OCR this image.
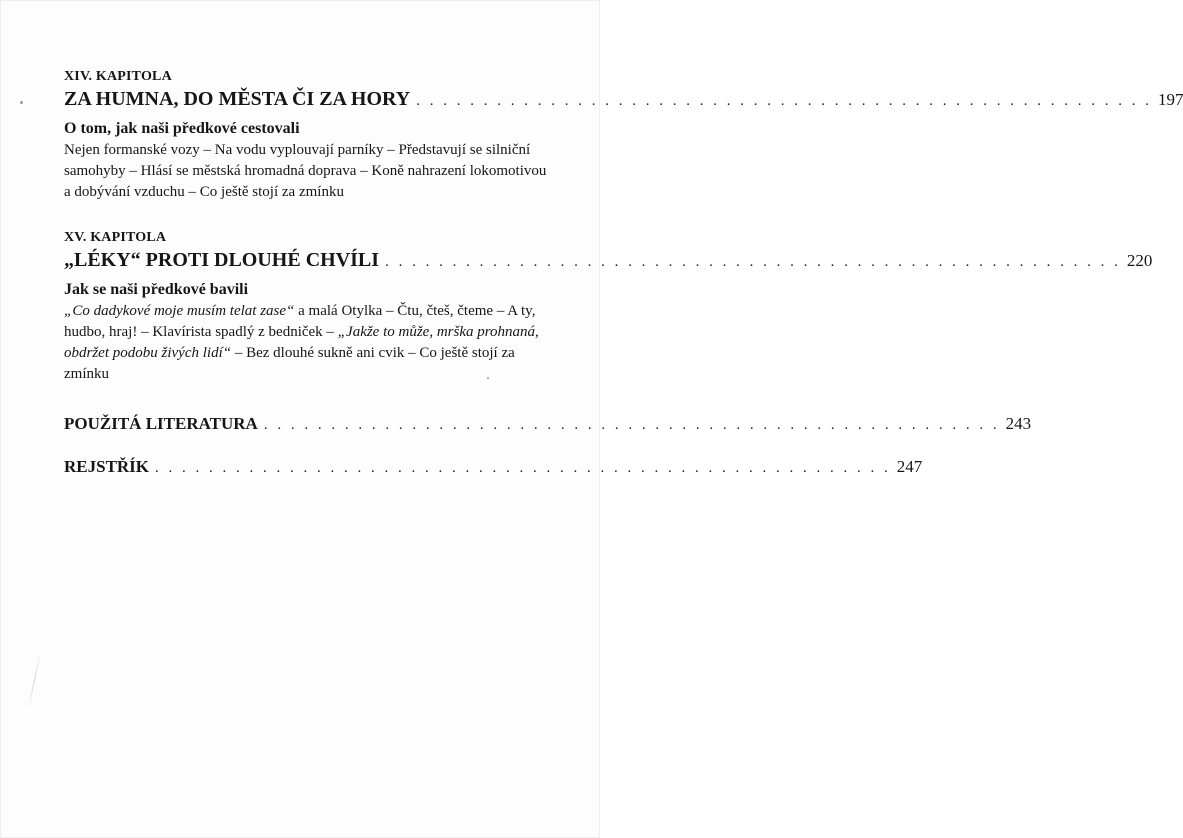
XIV. KAPITOLA

ZA HUMNA, DO MĚSTA ČI ZA HORY . . . . . . . . . . . . . . . . . . . . . . . . . . . . . . . . . . . . . . . . . . . . . . . . . . . . . . . 197

O tom, jak naši předkové cestovali

Nejen formanské vozy – Na vodu vyplouvají parníky – Představují se silniční samohyby – Hlásí se městská hromadná doprava – Koně nahrazení lokomotivou a dobývání vzduchu – Co ještě stojí za zmínku

XV. KAPITOLA

„LÉKY“ PROTI DLOUHÉ CHVÍLI . . . . . . . . . . . . . . . . . . . . . . . . . . . . . . . . . . . . . . . . . . . . . . . . . . . . . . . 220

Jak se naši předkové bavili

„Co dadykové moje musím telat zase“ a malá Otylka – Čtu, čteš, čteme – A ty, hudbo, hraj! – Klavírista spadlý z bedniček – „Jakže to může, mrška prohnaná, obdržet podobu živých lidí“ – Bez dlouhé sukně ani cvik – Co ještě stojí za zmínku

POUŽITÁ LITERATURA . . . . . . . . . . . . . . . . . . . . . . . . . . . . . . . . . . . . . . . . . . . . . . . . . . . . . . . 243
REJSTŘÍK . . . . . . . . . . . . . . . . . . . . . . . . . . . . . . . . . . . . . . . . . . . . . . . . . . . . . . . 247
